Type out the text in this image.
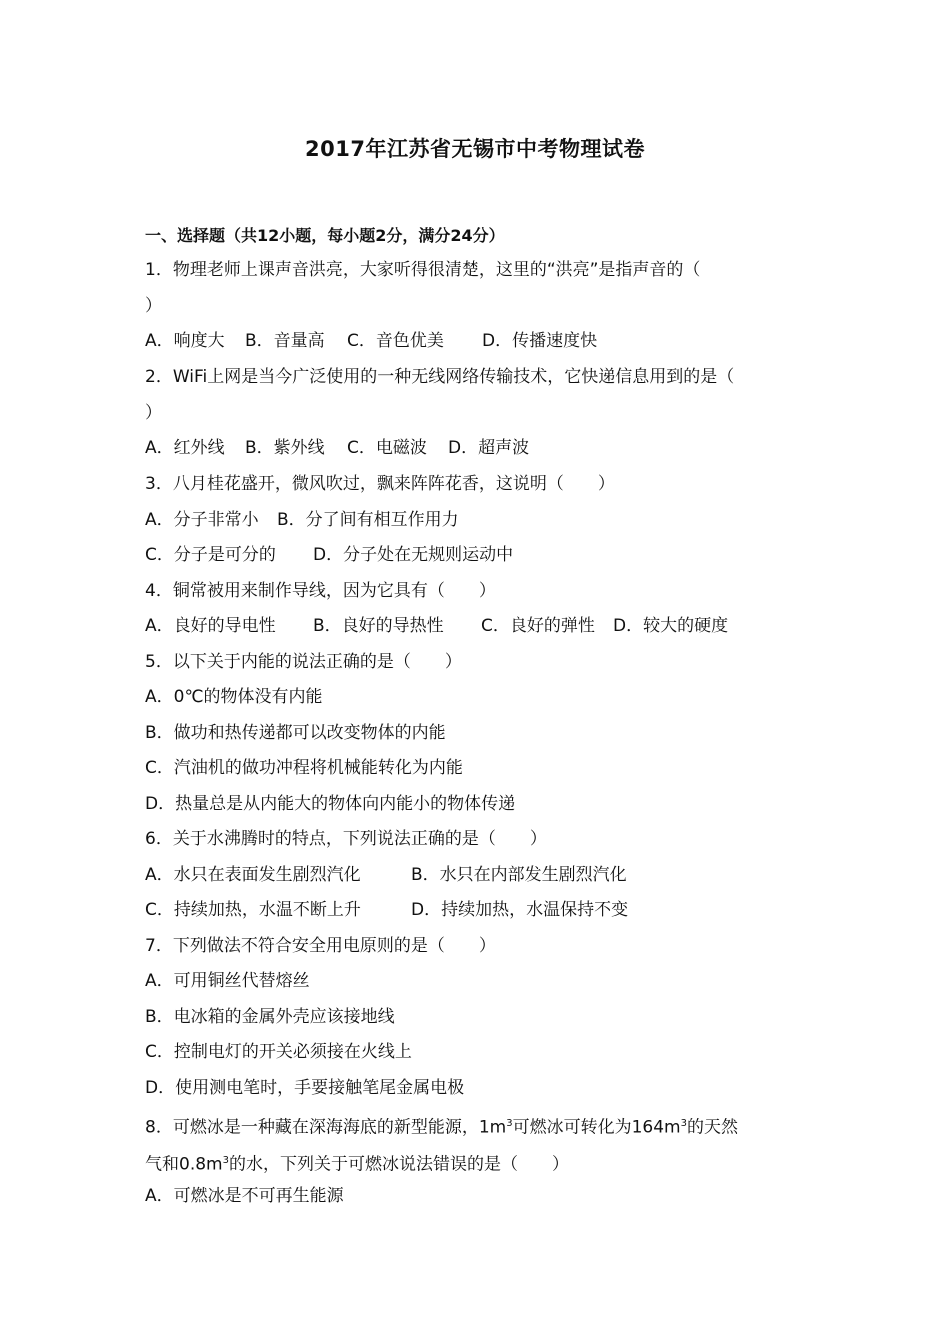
2017年江苏省无锡市中考物理试卷
一、选择题（共12小题，每小题2分，满分24分）
1．物理老师上课声音洪亮，大家听得很清楚，这里的“洪亮”是指声音的（
）
A．响度大 B．音量高 C．音色优美 D．传播速度快
2．WiFi上网是当今广泛使用的一种无线网络传输技术，它快递信息用到的是（
）
A．红外线 B．紫外线 C．电磁波 D．超声波
3．八月桂花盛开，微风吹过，飘来阵阵花香，这说明（　　）
A．分子非常小 B．分了间有相互作用力
C．分子是可分的 D．分子处在无规则运动中
4．铜常被用来制作导线，因为它具有（　　）
A．良好的导电性 B．良好的导热性 C．良好的弹性 D．较大的硬度
5．以下关于内能的说法正确的是（　　）
A．0℃的物体没有内能
B．做功和热传递都可以改变物体的内能
C．汽油机的做功冲程将机械能转化为内能
D．热量总是从内能大的物体向内能小的物体传递
6．关于水沸腾时的特点，下列说法正确的是（　　）
A．水只在表面发生剧烈汽化	B．水只在内部发生剧烈汽化
C．持续加热，水温不断上升	D．持续加热，水温保持不变
7．下列做法不符合安全用电原则的是（　　）
A．可用铜丝代替熔丝
B．电冰箱的金属外壳应该接地线
C．控制电灯的开关必须接在火线上
D．使用测电笔时，手要接触笔尾金属电极
8．可燃冰是一种藏在深海海底的新型能源，$1m^3$可燃冰可转化为$164m^3$的天然
气和$0.8m^3$的水，下列关于可燃冰说法错误的是（　　）
A．可燃冰是不可再生能源
